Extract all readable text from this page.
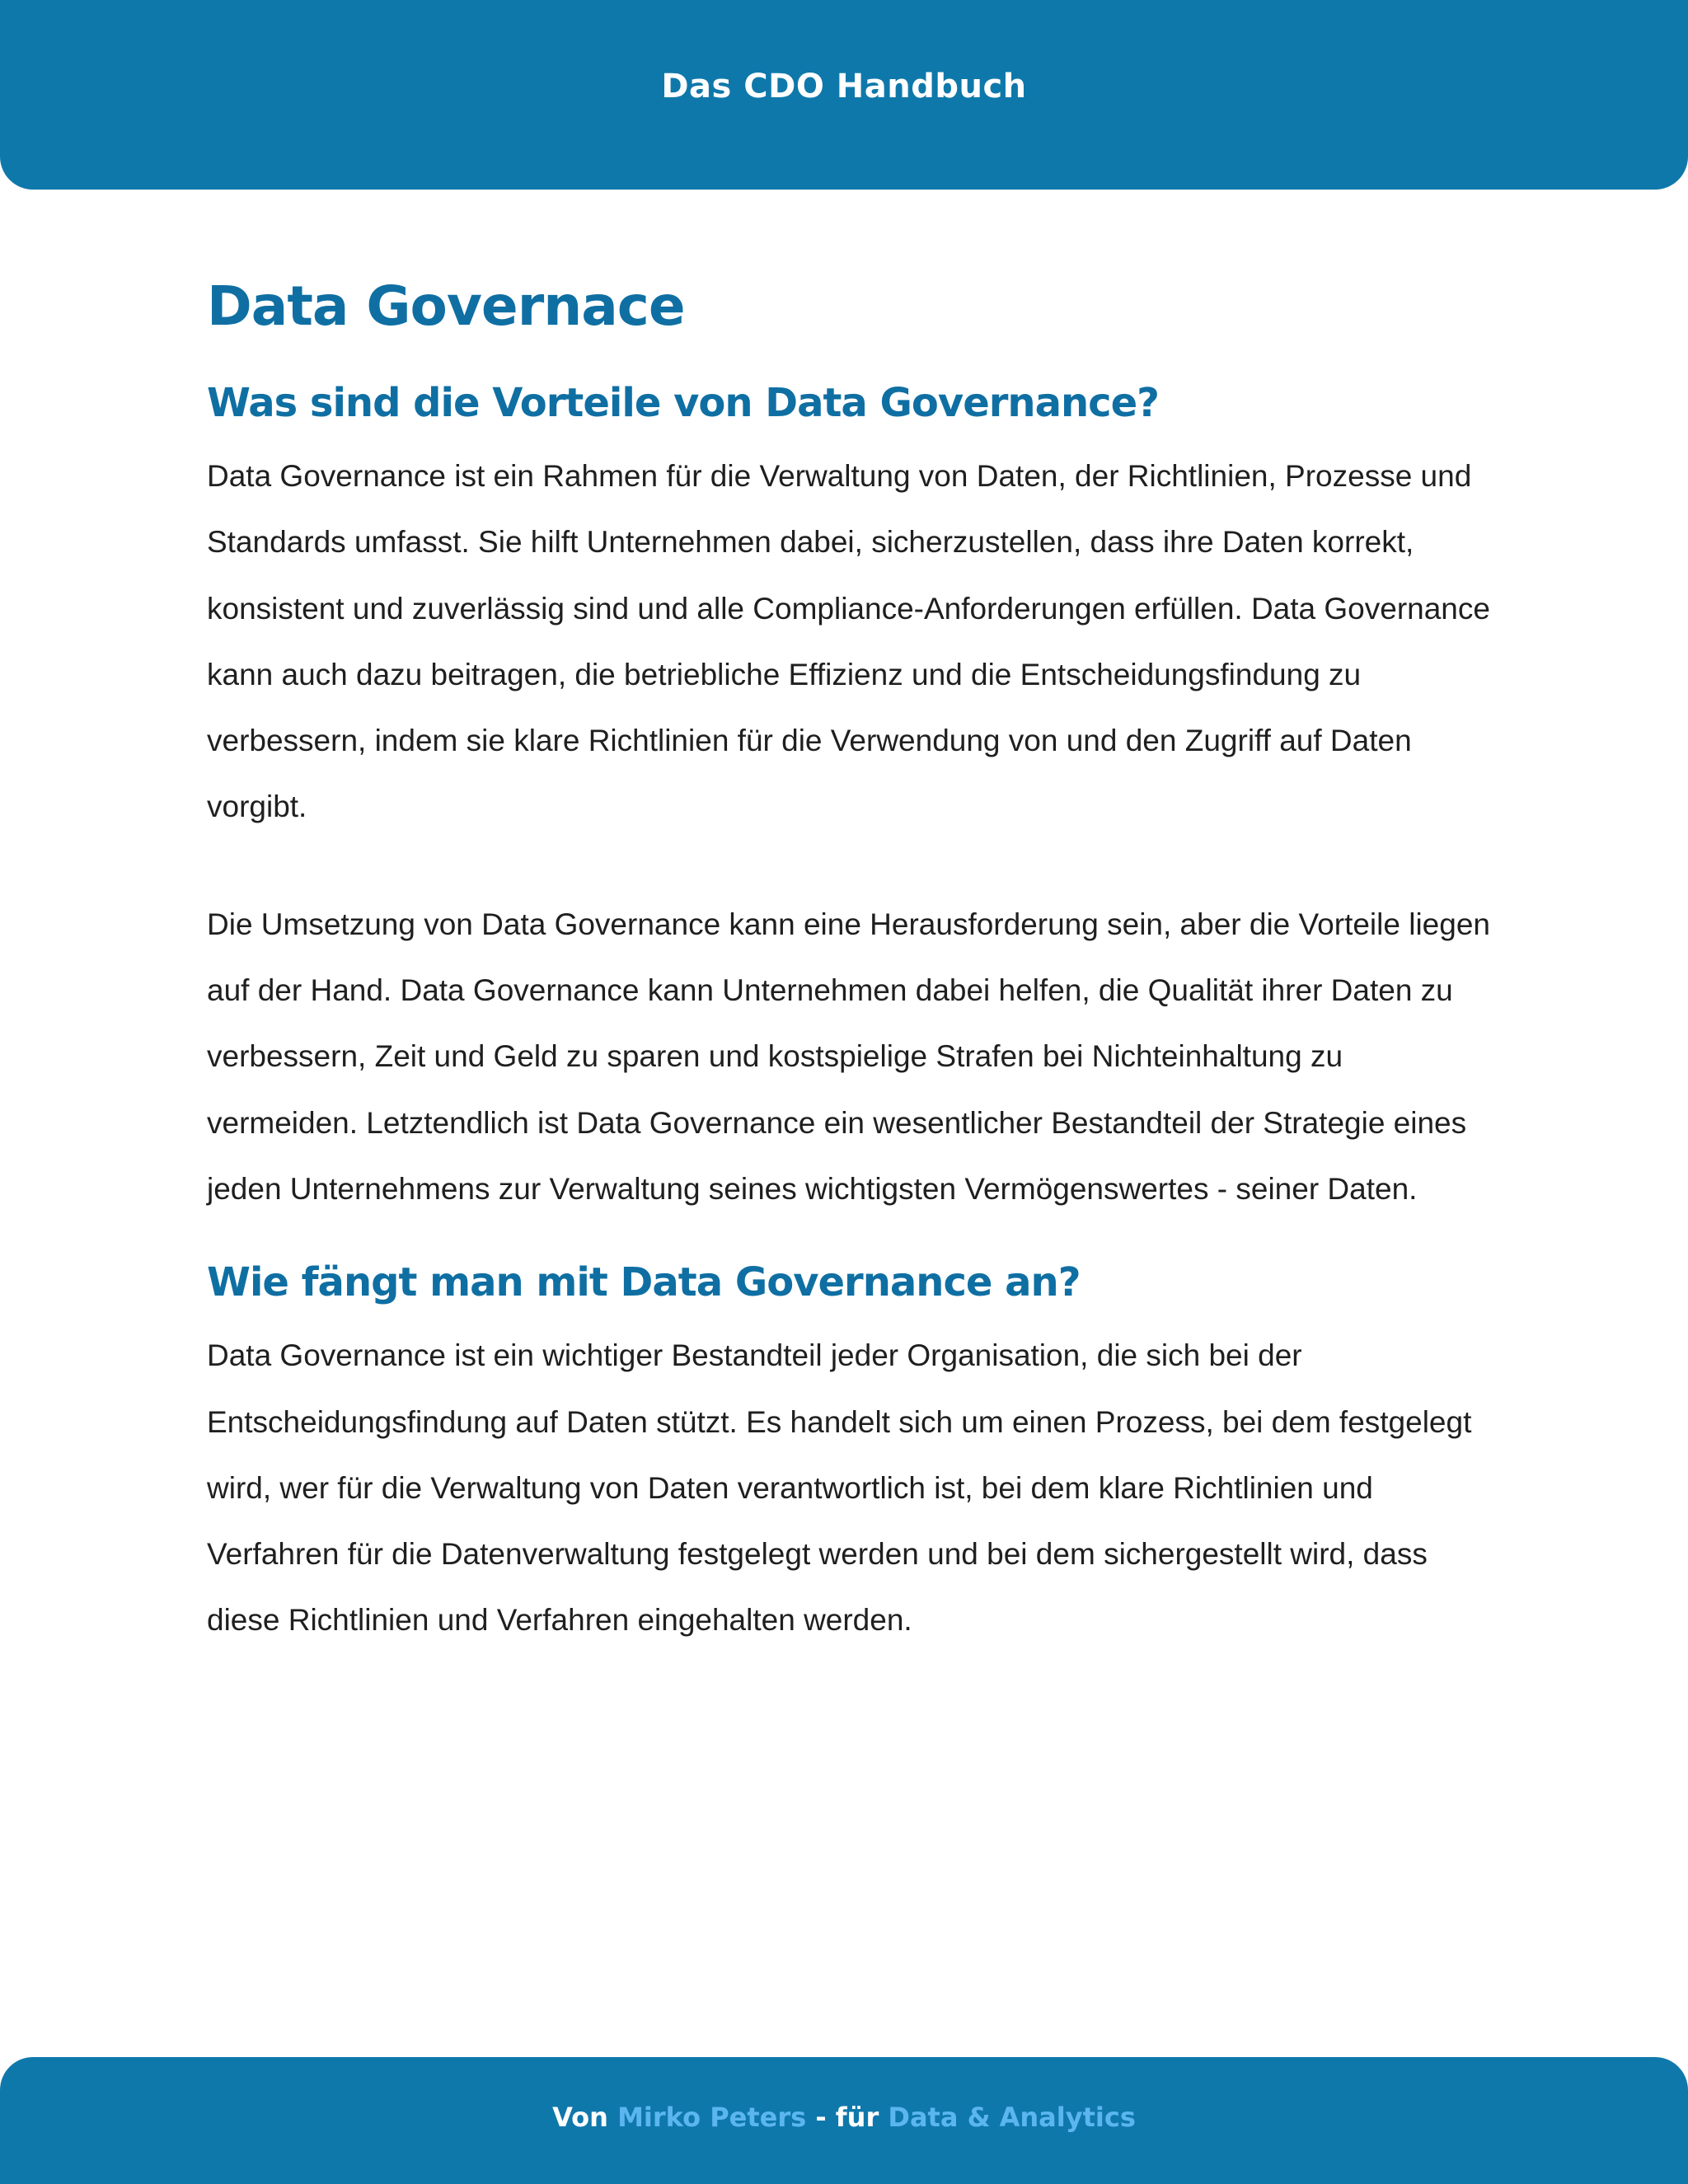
Das CDO Handbuch
Data Governace
Was sind die Vorteile von Data Governance?

Data Governance ist ein Rahmen für die Verwaltung von Daten, der Richtlinien, Prozesse und Standards umfasst. Sie hilft Unternehmen dabei, sicherzustellen, dass ihre Daten korrekt, konsistent und zuverlässig sind und alle Compliance-Anforderungen erfüllen. Data Governance kann auch dazu beitragen, die betriebliche Effizienz und die Entscheidungsfindung zu verbessern, indem sie klare Richtlinien für die Verwendung von und den Zugriff auf Daten vorgibt.

Die Umsetzung von Data Governance kann eine Herausforderung sein, aber die Vorteile liegen auf der Hand. Data Governance kann Unternehmen dabei helfen, die Qualität ihrer Daten zu verbessern, Zeit und Geld zu sparen und kostspielige Strafen bei Nichteinhaltung zu vermeiden. Letztendlich ist Data Governance ein wesentlicher Bestandteil der Strategie eines jeden Unternehmens zur Verwaltung seines wichtigsten Vermögenswertes - seiner Daten.

Wie fängt man mit Data Governance an?

Data Governance ist ein wichtiger Bestandteil jeder Organisation, die sich bei der Entscheidungsfindung auf Daten stützt. Es handelt sich um einen Prozess, bei dem festgelegt wird, wer für die Verwaltung von Daten verantwortlich ist, bei dem klare Richtlinien und Verfahren für die Datenverwaltung festgelegt werden und bei dem sichergestellt wird, dass diese Richtlinien und Verfahren eingehalten werden.

Von Mirko Peters - für Data & Analytics
